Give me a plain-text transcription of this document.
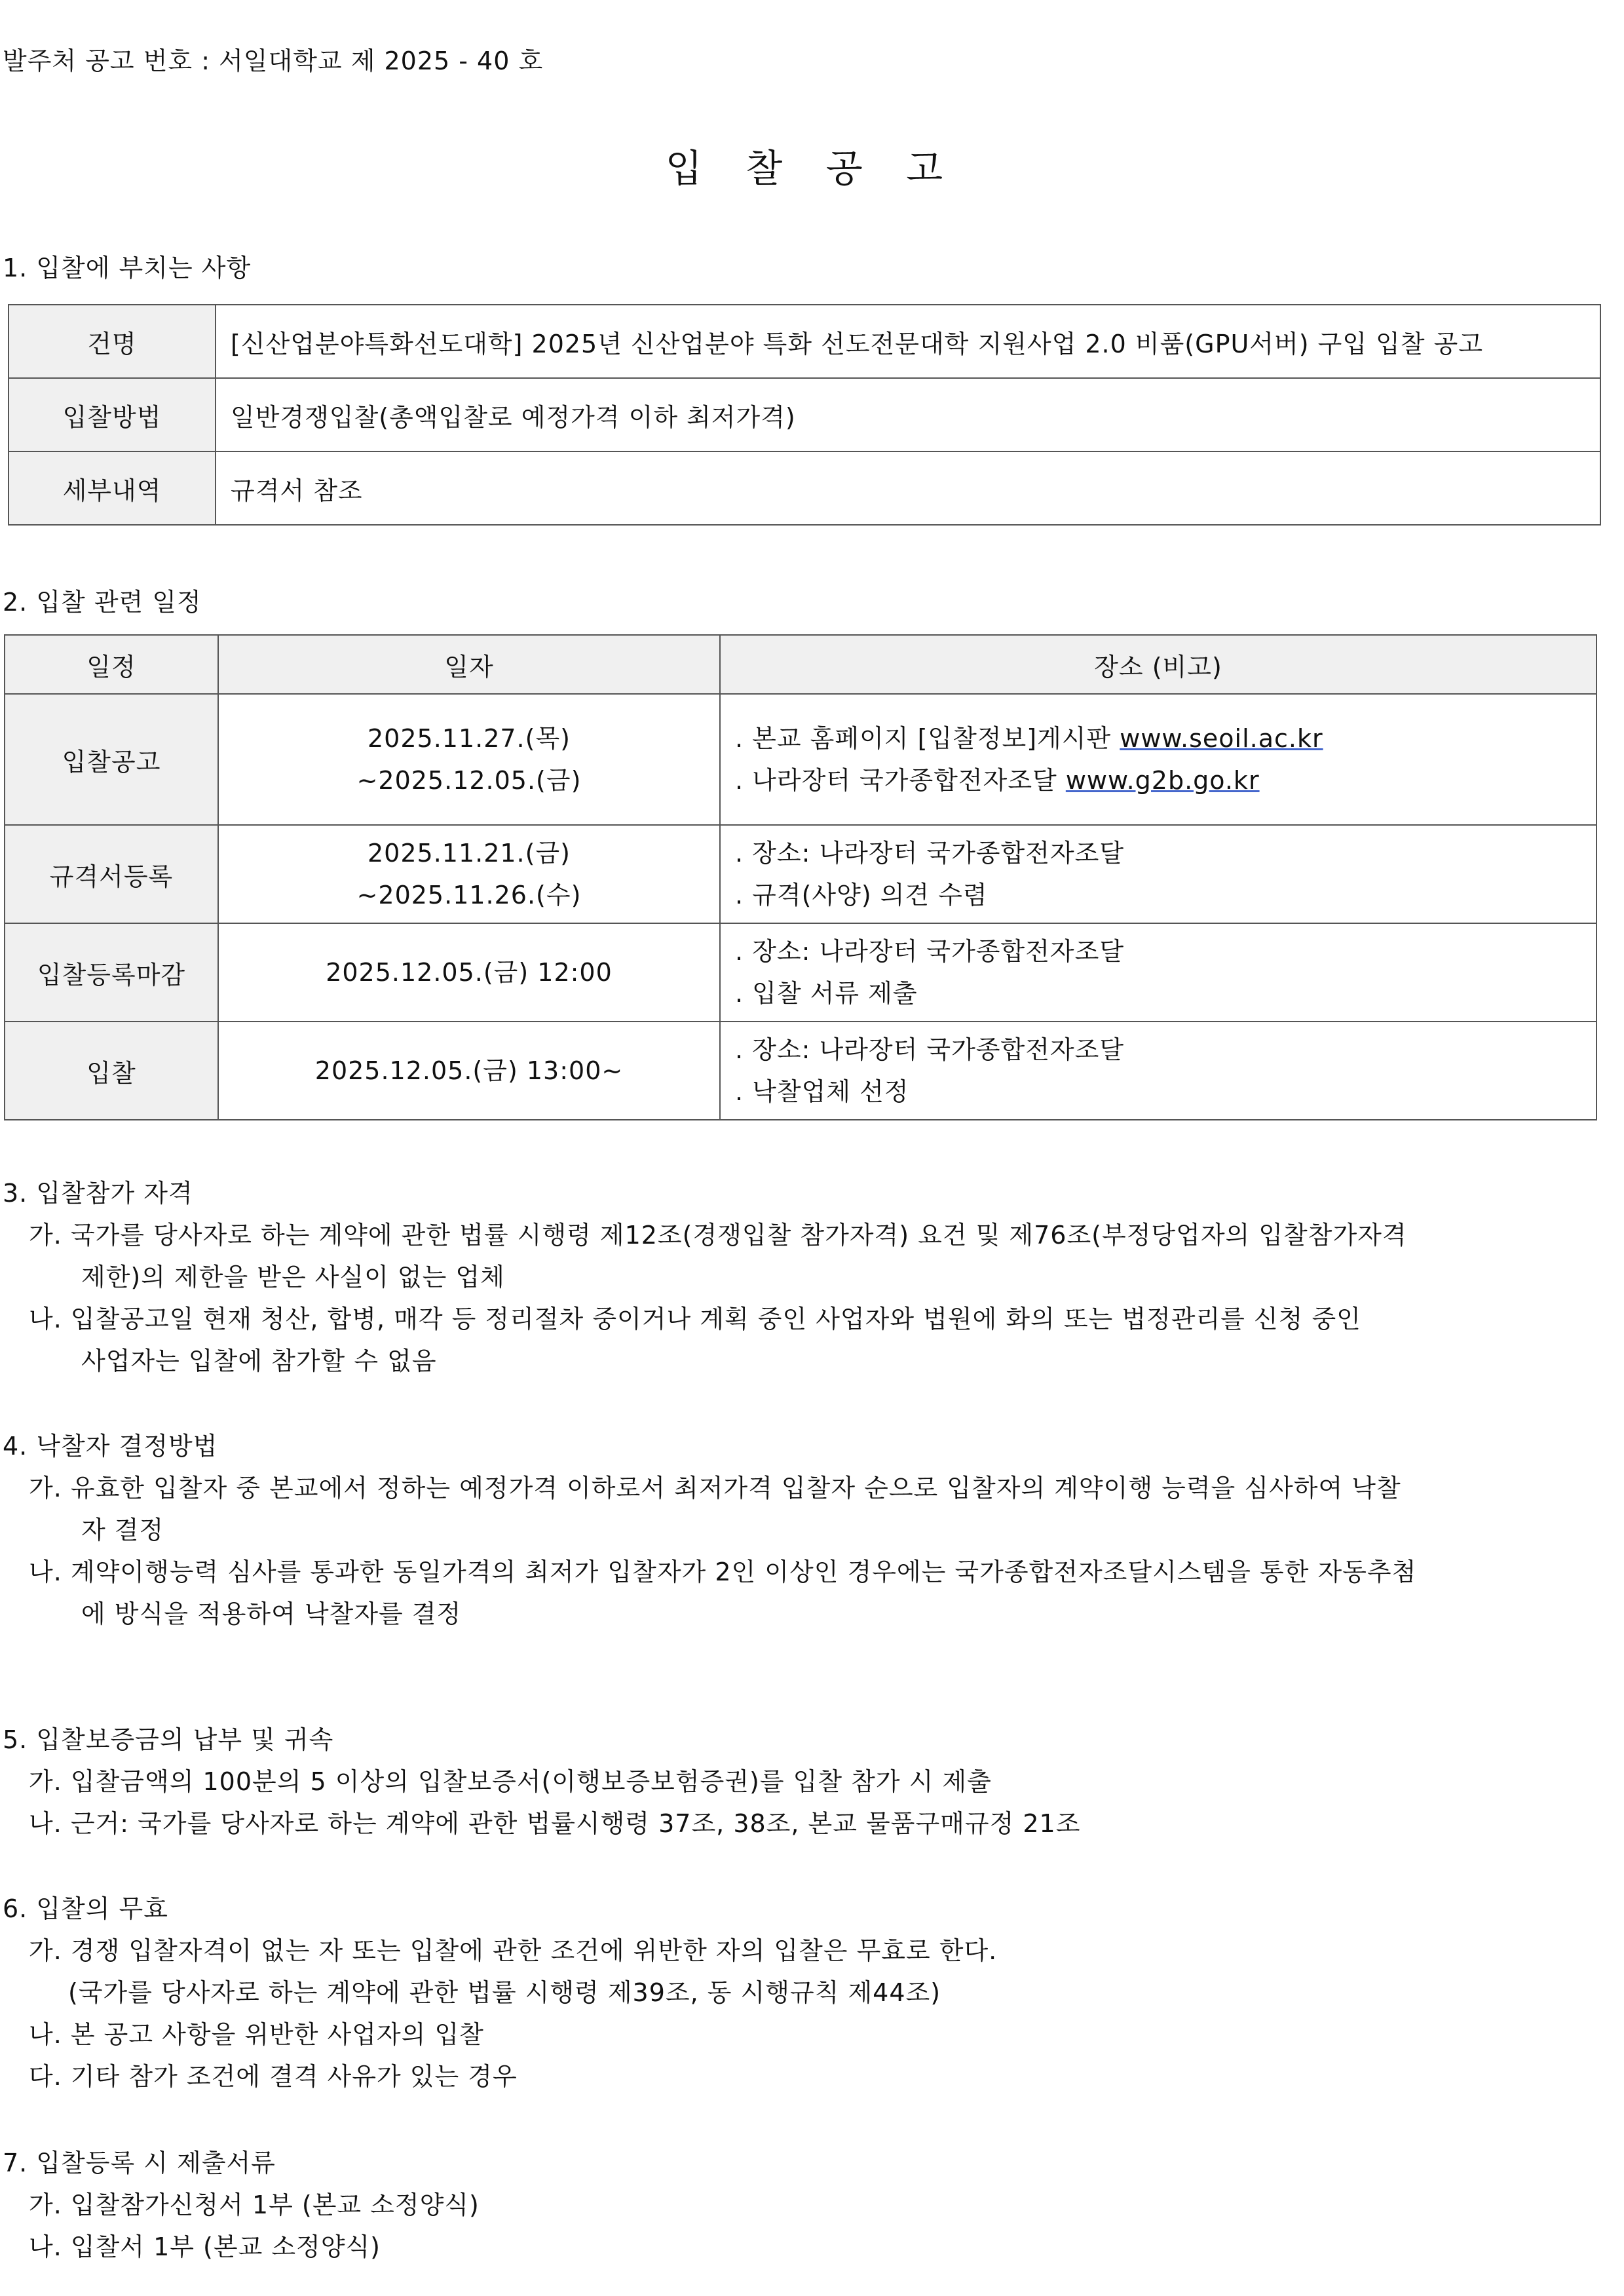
발주처 공고 번호 : 서일대학교 제 2025 - 40 호
입 찰 공 고
1. 입찰에 부치는 사항
건명	[신산업분야특화선도대학] 2025년 신산업분야 특화 선도전문대학 지원사업 2.0 비품(GPU서버) 구입 입찰 공고
입찰방법	일반경쟁입찰(총액입찰로 예정가격 이하 최저가격)
세부내역	규격서 참조
2. 입찰 관련 일정
일정	일자	장소 (비고)
입찰공고	2025.11.27.(목)
~2025.12.05.(금)	. 본교 홈페이지 [입찰정보]게시판 www.seoil.ac.kr
. 나라장터 국가종합전자조달 www.g2b.go.kr

규격서등록	2025.11.21.(금)
~2025.11.26.(수)	. 장소: 나라장터 국가종합전자조달
. 규격(사양) 의견 수렴

입찰등록마감	2025.12.05.(금) 12:00	. 장소: 나라장터 국가종합전자조달
. 입찰 서류 제출

입찰	2025.12.05.(금) 13:00~	. 장소: 나라장터 국가종합전자조달
. 낙찰업체 선정
3. 입찰참가 자격
가. 국가를 당사자로 하는 계약에 관한 법률 시행령 제12조(경쟁입찰 참가자격) 요건 및 제76조(부정당업자의 입찰참가자격
제한)의 제한을 받은 사실이 없는 업체
나. 입찰공고일 현재 청산, 합병, 매각 등 정리절차 중이거나 계획 중인 사업자와 법원에 화의 또는 법정관리를 신청 중인
사업자는 입찰에 참가할 수 없음
4. 낙찰자 결정방법
가. 유효한 입찰자 중 본교에서 정하는 예정가격 이하로서 최저가격 입찰자 순으로 입찰자의 계약이행 능력을 심사하여 낙찰
자 결정
나. 계약이행능력 심사를 통과한 동일가격의 최저가 입찰자가 2인 이상인 경우에는 국가종합전자조달시스템을 통한 자동추첨
에 방식을 적용하여 낙찰자를 결정
5. 입찰보증금의 납부 및 귀속
가. 입찰금액의 100분의 5 이상의 입찰보증서(이행보증보험증권)를 입찰 참가 시 제출
나. 근거: 국가를 당사자로 하는 계약에 관한 법률시행령 37조, 38조, 본교 물품구매규정 21조
6. 입찰의 무효
가. 경쟁 입찰자격이 없는 자 또는 입찰에 관한 조건에 위반한 자의 입찰은 무효로 한다.
(국가를 당사자로 하는 계약에 관한 법률 시행령 제39조, 동 시행규칙 제44조)
나. 본 공고 사항을 위반한 사업자의 입찰
다. 기타 참가 조건에 결격 사유가 있는 경우
7. 입찰등록 시 제출서류
가. 입찰참가신청서 1부 (본교 소정양식)
나. 입찰서 1부 (본교 소정양식)
